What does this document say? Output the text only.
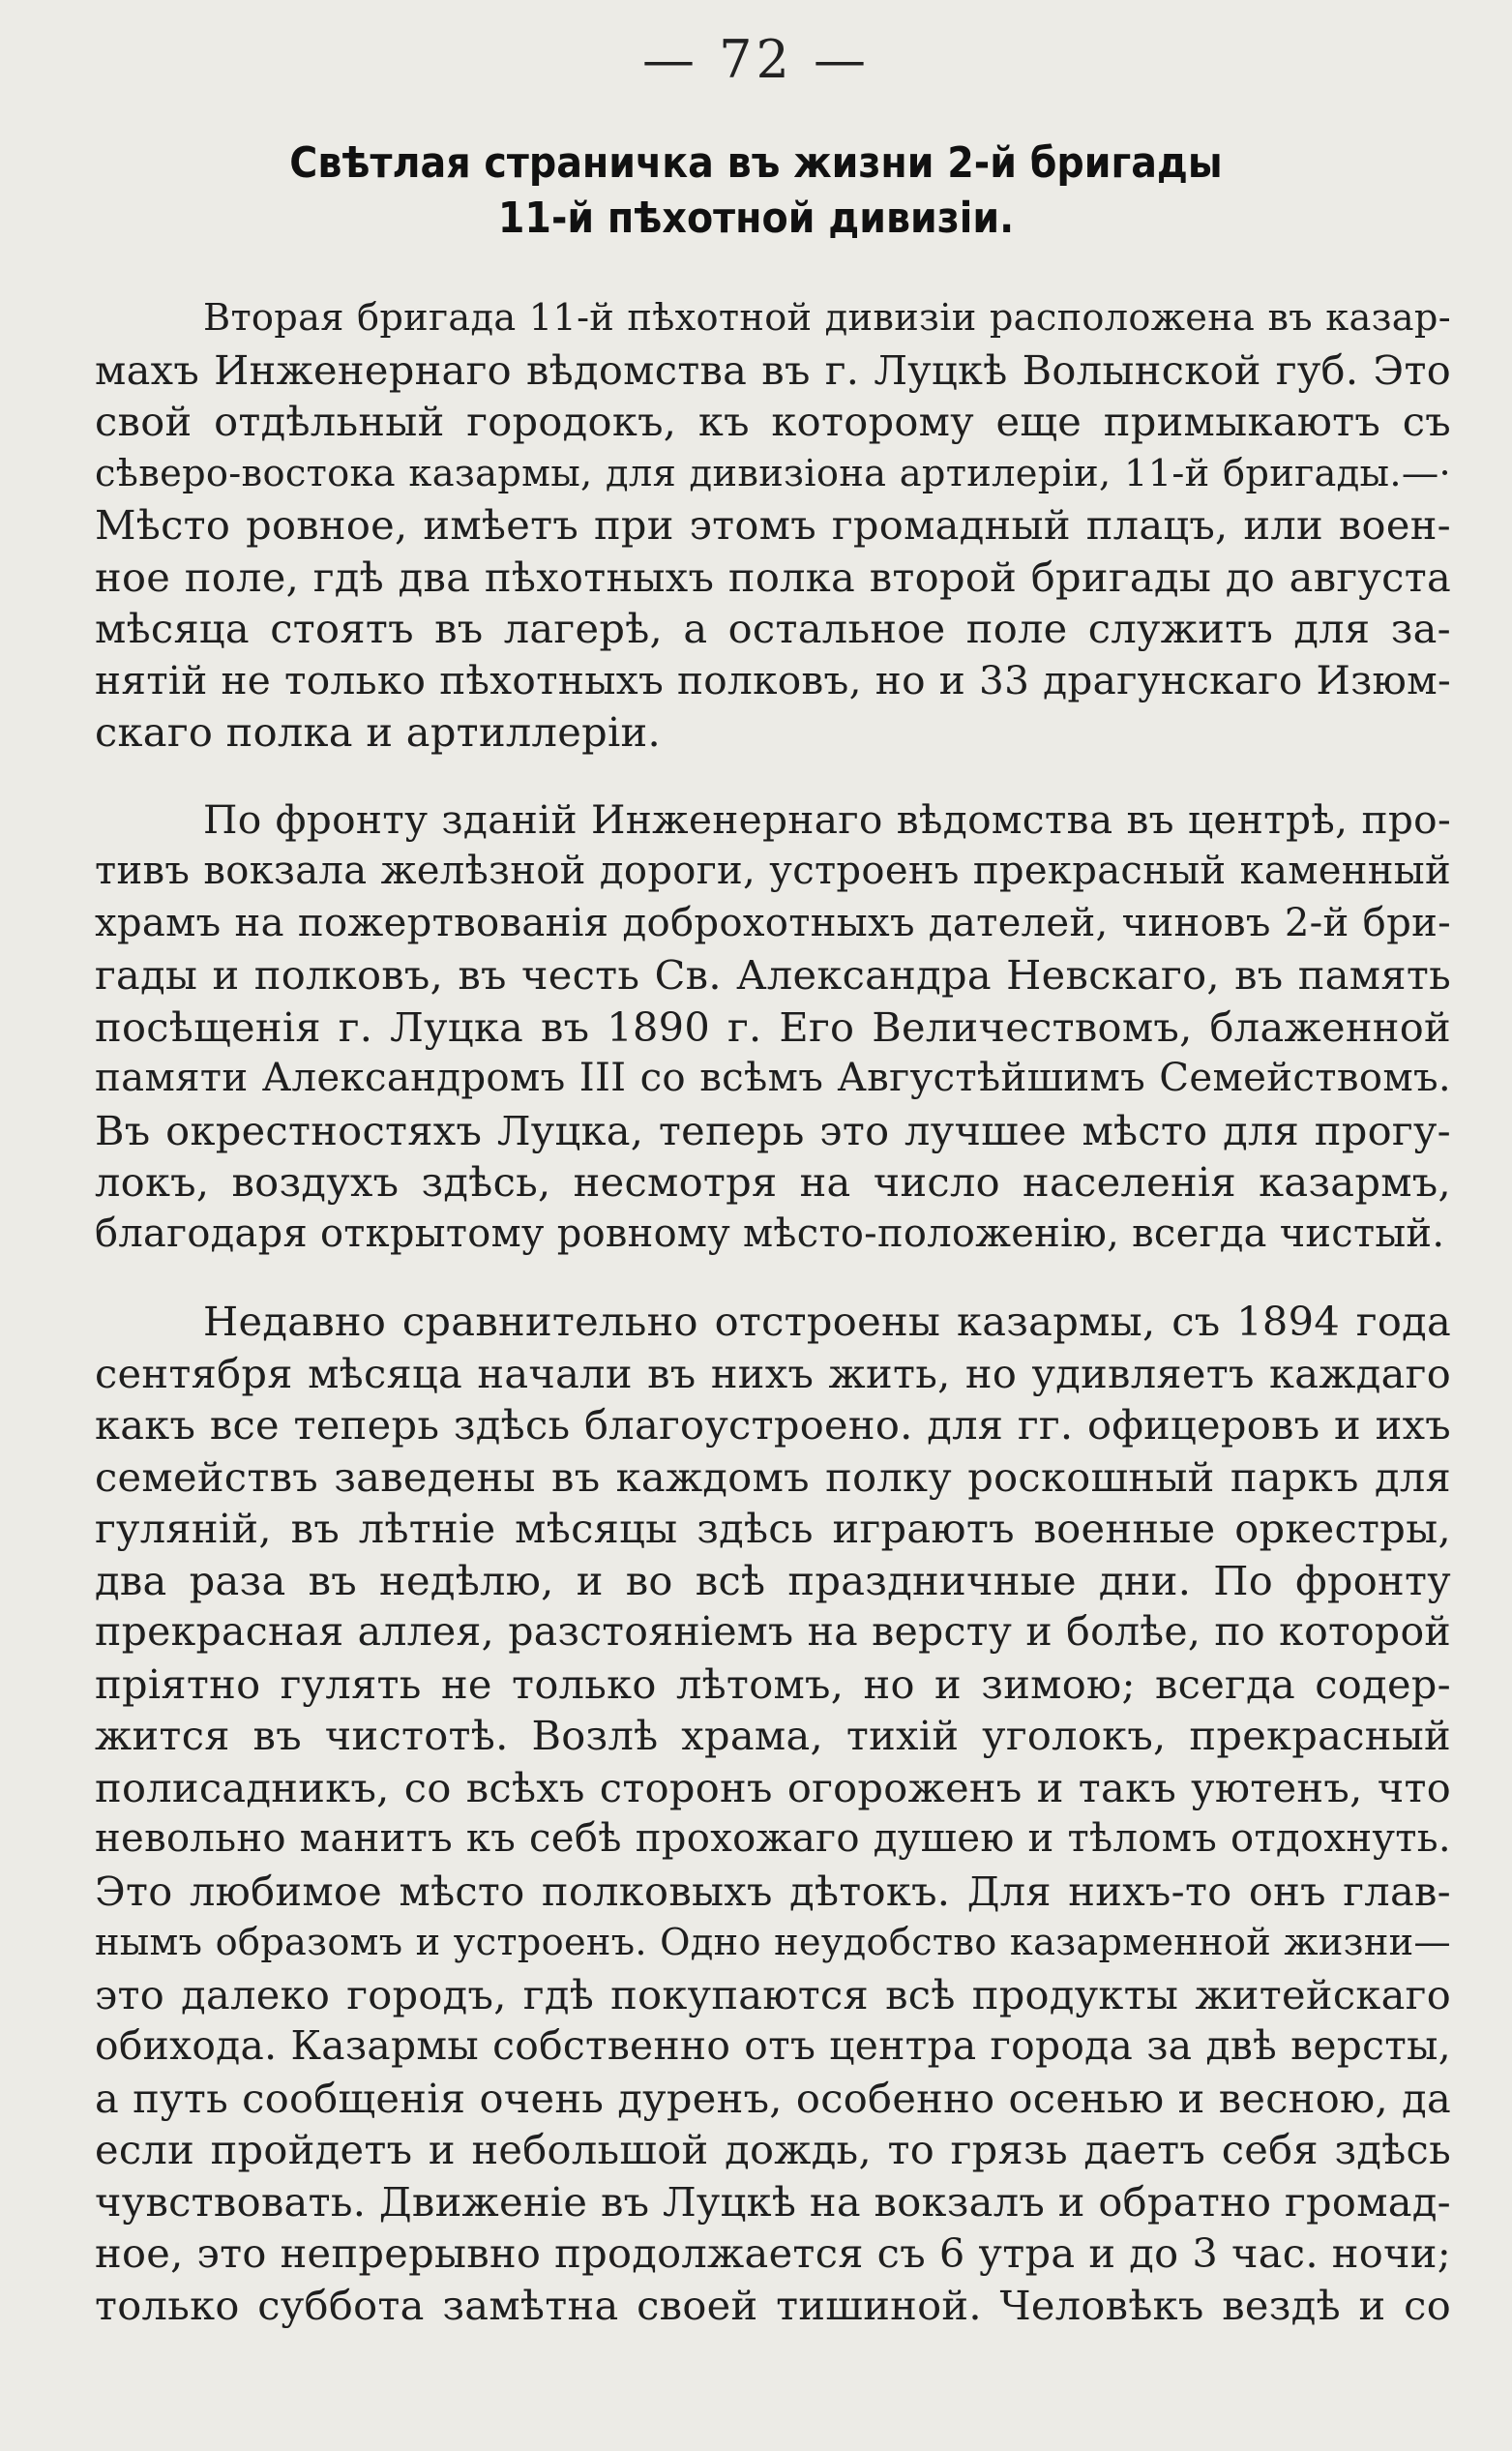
— 72 —
Свѣтлая страничка въ жизни 2-й бригады
11-й пѣхотной дивизіи.
Вторая бригада 11-й пѣхотной дивизіи расположена въ казар-
махъ Инженернаго вѣдомства въ г. Луцкѣ Волынской губ. Это
свой отдѣльный городокъ, къ которому еще примыкаютъ съ
сѣверо-востока казармы, для дивизіона артилеріи, 11-й бригады.—·
Мѣсто ровное, имѣетъ при этомъ громадный плацъ, или воен-
ное поле, гдѣ два пѣхотныхъ полка второй бригады до августа
мѣсяца стоятъ въ лагерѣ, а остальное поле служитъ для за-
нятій не только пѣхотныхъ полковъ, но и 33 драгунскаго Изюм-
скаго полка и артиллеріи.
По фронту зданій Инженернаго вѣдомства въ центрѣ, про-
тивъ вокзала желѣзной дороги, устроенъ прекрасный каменный
храмъ на пожертвованія доброхотныхъ дателей, чиновъ 2-й бри-
гады и полковъ, въ честь Св. Александра Невскаго, въ память
посѣщенія г. Луцка въ 1890 г. Его Величествомъ, блаженной
памяти Александромъ III со всѣмъ Августѣйшимъ Семействомъ.
Въ окрестностяхъ Луцка, теперь это лучшее мѣсто для прогу-
локъ, воздухъ здѣсь, несмотря на число населенія казармъ,
благодаря открытому ровному мѣсто-положенію, всегда чистый.
Недавно сравнительно отстроены казармы, съ 1894 года
сентября мѣсяца начали въ нихъ жить, но удивляетъ каждаго
какъ все теперь здѣсь благоустроено. для гг. офицеровъ и ихъ
семействъ заведены въ каждомъ полку роскошный паркъ для
гуляній, въ лѣтніе мѣсяцы здѣсь играютъ военные оркестры,
два раза въ недѣлю, и во всѣ праздничные дни. По фронту
прекрасная аллея, разстояніемъ на версту и болѣе, по которой
пріятно гулять не только лѣтомъ, но и зимою; всегда содер-
жится въ чистотѣ. Возлѣ храма, тихій уголокъ, прекрасный
полисадникъ, со всѣхъ сторонъ огороженъ и такъ уютенъ, что
невольно манитъ къ себѣ прохожаго душею и тѣломъ отдохнуть.
Это любимое мѣсто полковыхъ дѣтокъ. Для нихъ-то онъ глав-
нымъ образомъ и устроенъ. Одно неудобство казарменной жизни—
это далеко городъ, гдѣ покупаются всѣ продукты житейскаго
обихода. Казармы собственно отъ центра города за двѣ версты,
а путь сообщенія очень дуренъ, особенно осенью и весною, да
если пройдетъ и небольшой дождь, то грязь даетъ себя здѣсь
чувствовать. Движеніе въ Луцкѣ на вокзалъ и обратно громад-
ное, это непрерывно продолжается съ 6 утра и до 3 час. ночи;
только суббота замѣтна своей тишиной. Человѣкъ вездѣ и со
